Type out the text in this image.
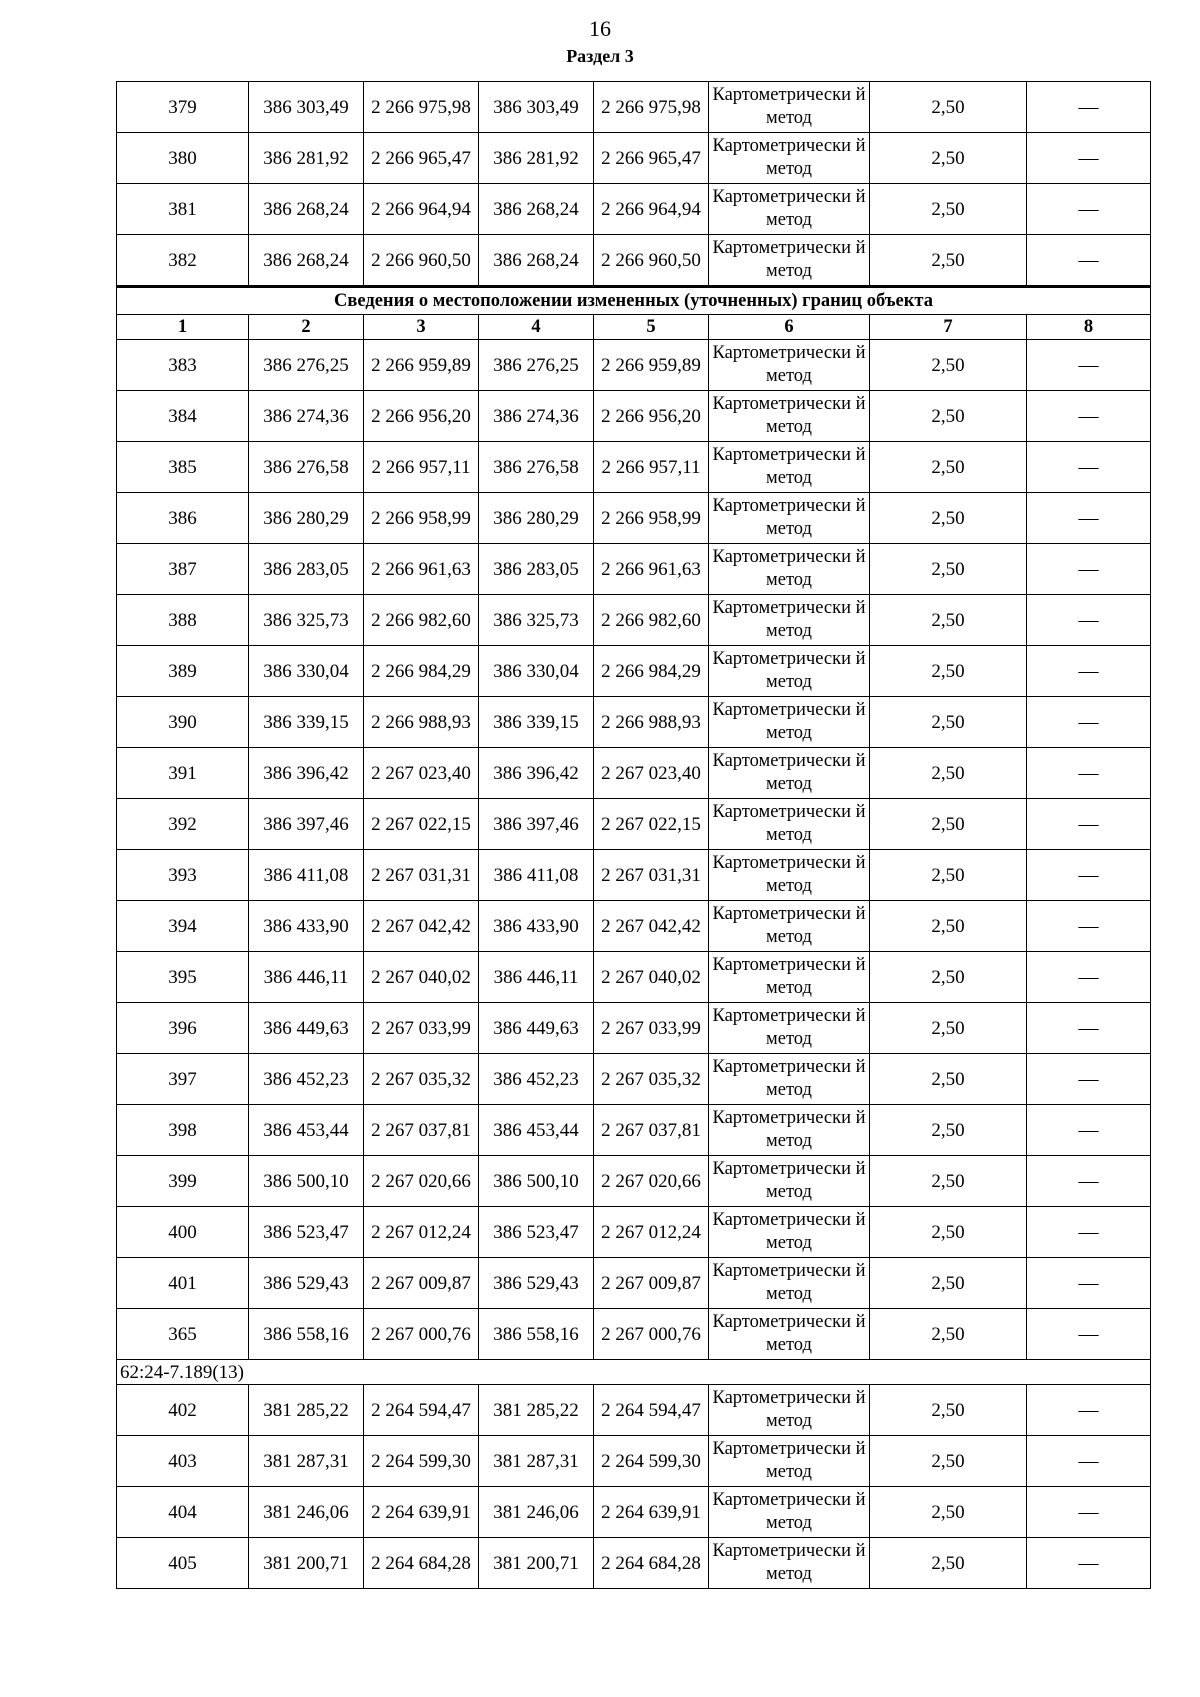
16
Раздел 3
379	386 303,49	2 266 975,98	386 303,49	2 266 975,98	Картометрически й метод	2,50	—
380	386 281,92	2 266 965,47	386 281,92	2 266 965,47	Картометрически й метод	2,50	—
381	386 268,24	2 266 964,94	386 268,24	2 266 964,94	Картометрически й метод	2,50	—
382	386 268,24	2 266 960,50	386 268,24	2 266 960,50	Картометрически й метод	2,50	—
Сведения о местоположении измененных (уточненных) границ объекта							
1	2	3	4	5	6	7	8
383	386 276,25	2 266 959,89	386 276,25	2 266 959,89	Картометрически й метод	2,50	—
384	386 274,36	2 266 956,20	386 274,36	2 266 956,20	Картометрически й метод	2,50	—
385	386 276,58	2 266 957,11	386 276,58	2 266 957,11	Картометрически й метод	2,50	—
386	386 280,29	2 266 958,99	386 280,29	2 266 958,99	Картометрически й метод	2,50	—
387	386 283,05	2 266 961,63	386 283,05	2 266 961,63	Картометрически й метод	2,50	—
388	386 325,73	2 266 982,60	386 325,73	2 266 982,60	Картометрически й метод	2,50	—
389	386 330,04	2 266 984,29	386 330,04	2 266 984,29	Картометрически й метод	2,50	—
390	386 339,15	2 266 988,93	386 339,15	2 266 988,93	Картометрически й метод	2,50	—
391	386 396,42	2 267 023,40	386 396,42	2 267 023,40	Картометрически й метод	2,50	—
392	386 397,46	2 267 022,15	386 397,46	2 267 022,15	Картометрически й метод	2,50	—
393	386 411,08	2 267 031,31	386 411,08	2 267 031,31	Картометрически й метод	2,50	—
394	386 433,90	2 267 042,42	386 433,90	2 267 042,42	Картометрически й метод	2,50	—
395	386 446,11	2 267 040,02	386 446,11	2 267 040,02	Картометрически й метод	2,50	—
396	386 449,63	2 267 033,99	386 449,63	2 267 033,99	Картометрически й метод	2,50	—
397	386 452,23	2 267 035,32	386 452,23	2 267 035,32	Картометрически й метод	2,50	—
398	386 453,44	2 267 037,81	386 453,44	2 267 037,81	Картометрически й метод	2,50	—
399	386 500,10	2 267 020,66	386 500,10	2 267 020,66	Картометрически й метод	2,50	—
400	386 523,47	2 267 012,24	386 523,47	2 267 012,24	Картометрически й метод	2,50	—
401	386 529,43	2 267 009,87	386 529,43	2 267 009,87	Картометрически й метод	2,50	—
365	386 558,16	2 267 000,76	386 558,16	2 267 000,76	Картометрически й метод	2,50	—
62:24-7.189(13)							
402	381 285,22	2 264 594,47	381 285,22	2 264 594,47	Картометрически й метод	2,50	—
403	381 287,31	2 264 599,30	381 287,31	2 264 599,30	Картометрически й метод	2,50	—
404	381 246,06	2 264 639,91	381 246,06	2 264 639,91	Картометрически й метод	2,50	—
405	381 200,71	2 264 684,28	381 200,71	2 264 684,28	Картометрически й метод	2,50	—
